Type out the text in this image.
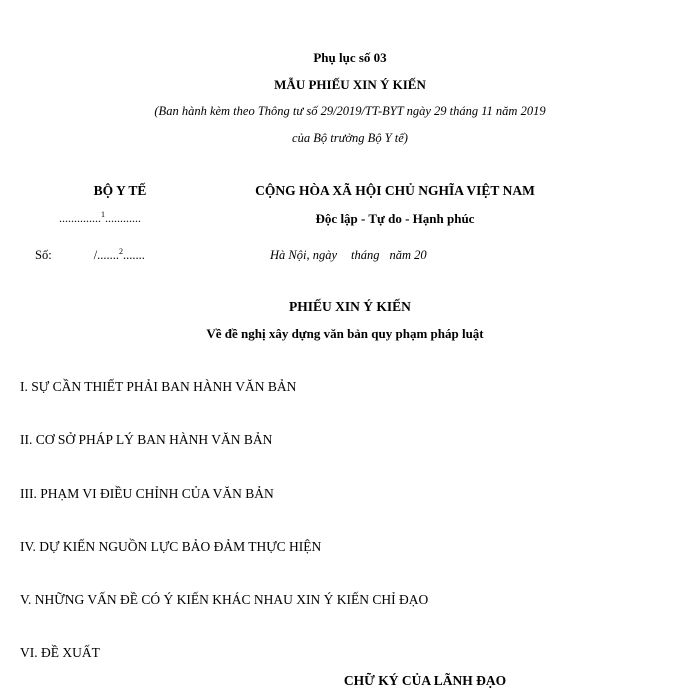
Phụ lục số 03
MẪU PHIẾU XIN Ý KIẾN
(Ban hành kèm theo Thông tư số 29/2019/TT-BYT ngày 29 tháng 11 năm 2019
của Bộ trưởng Bộ Y tế)
BỘ Y TẾ
..............$^1$............
Số:	/.......$^2$.......
CỘNG HÒA XÃ HỘI CHỦ NGHĨA VIỆT NAM
Độc lập - Tự do - Hạnh phúc
Hà Nội, ngày tháng năm 20
PHIẾU XIN Ý KIẾN
Về đề nghị xây dựng văn bản quy phạm pháp luật
I. SỰ CẦN THIẾT PHẢI BAN HÀNH VĂN BẢN
II. CƠ SỞ PHÁP LÝ BAN HÀNH VĂN BẢN
III. PHẠM VI ĐIỀU CHỈNH CỦA VĂN BẢN
IV. DỰ KIẾN NGUỒN LỰC BẢO ĐẢM THỰC HIỆN
V. NHỮNG VẤN ĐỀ CÓ Ý KIẾN KHÁC NHAU XIN Ý KIẾN CHỈ ĐẠO
VI. ĐỀ XUẤT
CHỮ KÝ CỦA LÃNH ĐẠO
